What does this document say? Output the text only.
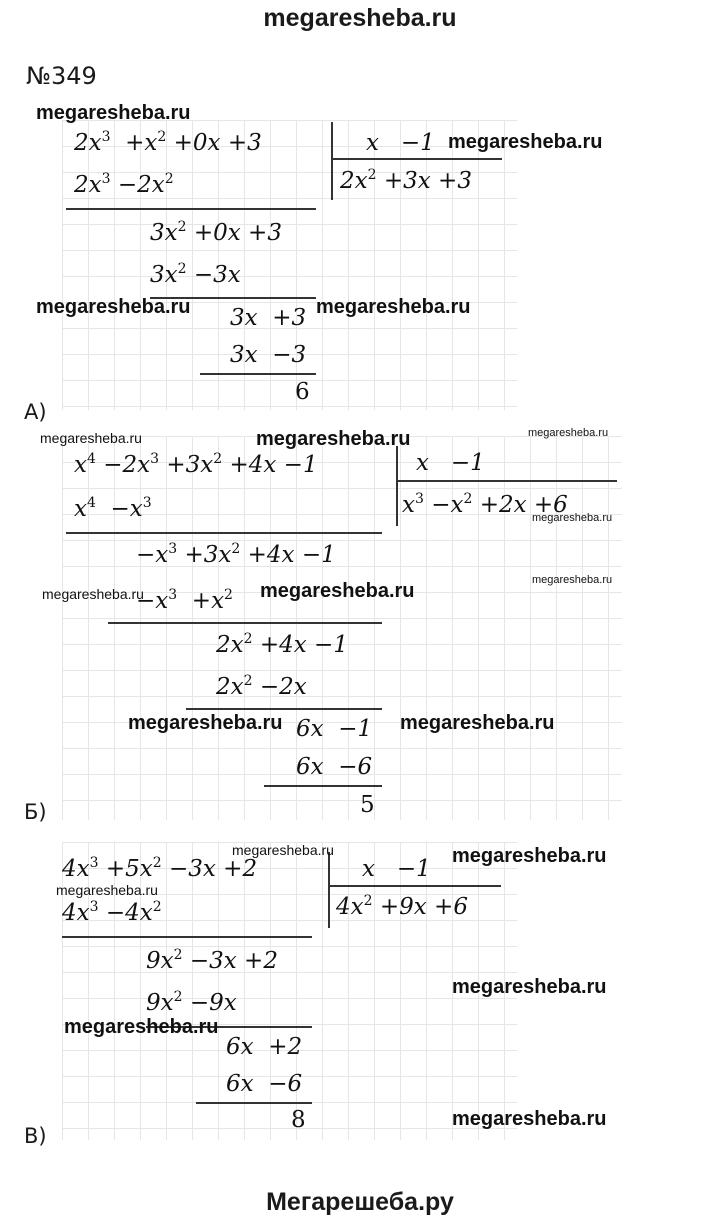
megaresheba.ru
№349
А)
$2x^3 +x^2 +0x +3$	x   −1
$2x^2 +3x +3$
$2x^3 -2x^2$
$3x^2 +0x +3$
$3x^2 -3x$
3x  +3
3x  −3
6
Б)
$x^4 -2x^3 +3x^2 +4x -1$	x   −1
$x^3 -x^2 +2x +6$
$x^4 -x^3$
$-x^3 +3x^2 +4x -1$
$-x^3 +x^2$
$2x^2 +4x -1$
$2x^2 -2x$
6x  −1
6x  −6
5
В)
$4x^3 +5x^2 -3x +2$	x   −1
$4x^2 +9x +6$
$4x^3 -4x^2$
$9x^2 -3x +2$
$9x^2 -9x$
6x  +2
6x  −6
8
megaresheba.ru
megaresheba.ru
megaresheba.ru	megaresheba.ru
megaresheba.ru	megaresheba.ru	megaresheba.ru
megaresheba.ru
megaresheba.ru	megaresheba.ru	megaresheba.ru
megaresheba.ru	megaresheba.ru
megaresheba.ru	megaresheba.ru
megaresheba.ru
megaresheba.ru
megaresheba.ru
megaresheba.ru
Мегарешеба.ру
